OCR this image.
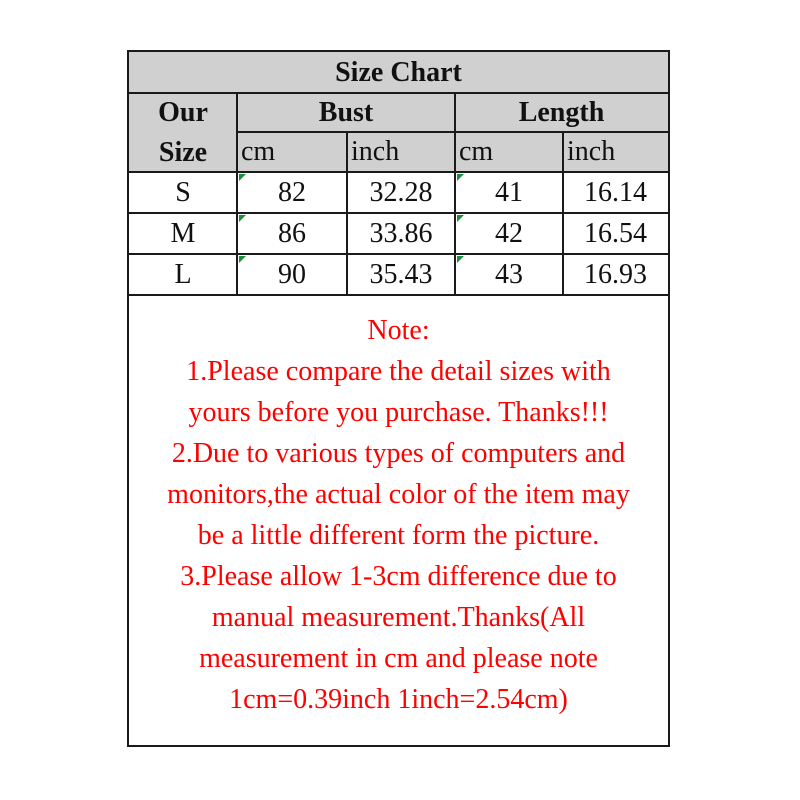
Size Chart
Our
Size
Bust	Length
cm	inch	cm	inch
S	82	32.28	41	16.14
M	86	33.86	42	16.54
L	90	35.43	43	16.93
Note:
1.Please compare the detail sizes with
yours before you purchase. Thanks!!!
2.Due to various types of computers and
monitors,the actual color of the item may
be a little different form the picture.
3.Please allow 1-3cm difference due to
manual measurement.Thanks(All
measurement in cm and please note
1cm=0.39inch 1inch=2.54cm)
